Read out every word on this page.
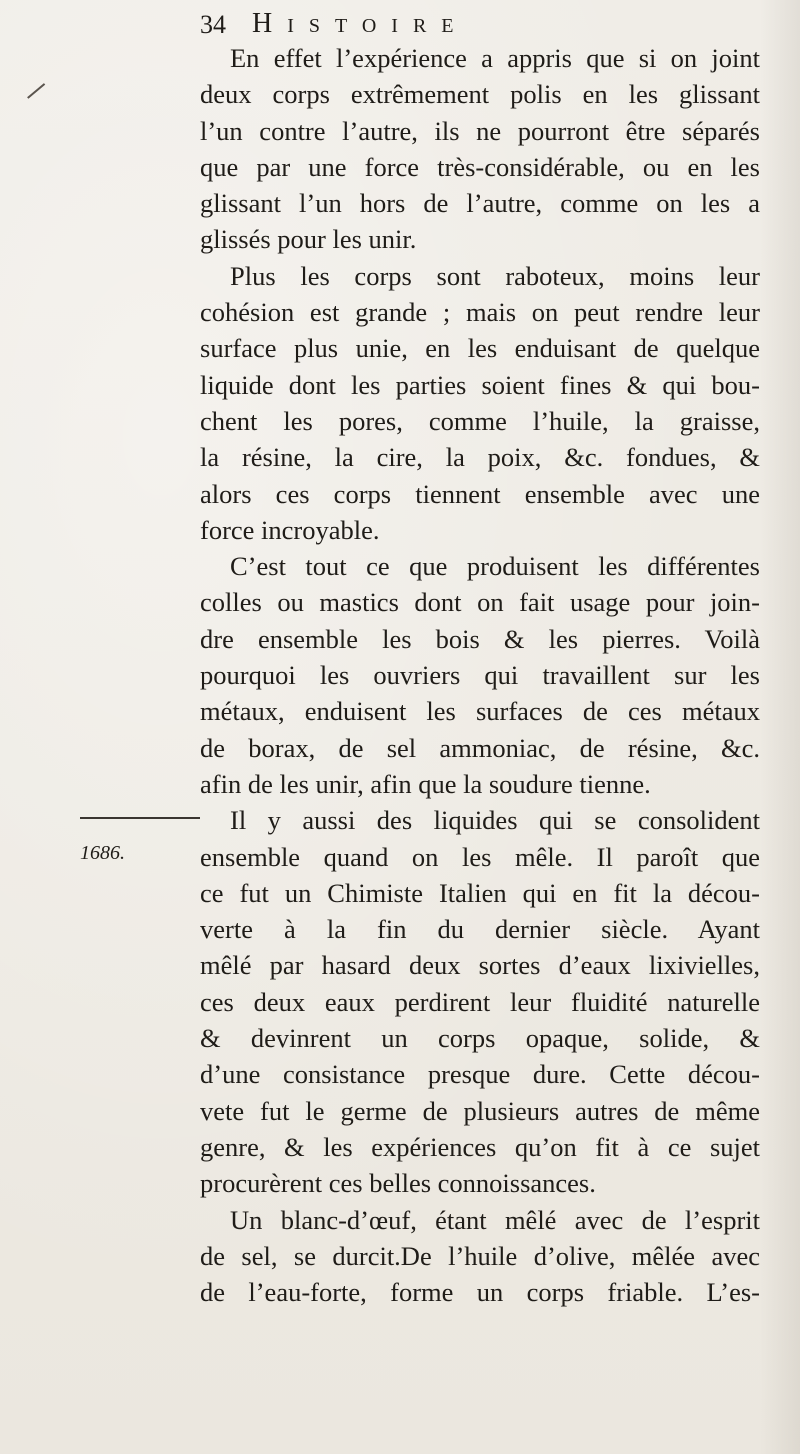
34 Histoire
En effet l’expérience a appris que si on joint
deux corps extrêmement polis en les glissant
l’un contre l’autre, ils ne pourront être séparés
que par une force très-considérable, ou en les
glissant l’un hors de l’autre, comme on les a
glissés pour les unir.
Plus les corps sont raboteux, moins leur
cohésion est grande ; mais on peut rendre leur
surface plus unie, en les enduisant de quelque
liquide dont les parties soient fines & qui bou-
chent les pores, comme l’huile, la graisse,
la résine, la cire, la poix, &c. fondues, &
alors ces corps tiennent ensemble avec une
force incroyable.
C’est tout ce que produisent les différentes
colles ou mastics dont on fait usage pour join-
dre ensemble les bois & les pierres. Voilà
pourquoi les ouvriers qui travaillent sur les
métaux, enduisent les surfaces de ces métaux
de borax, de sel ammoniac, de résine, &c.
afin de les unir, afin que la soudure tienne.
Il y aussi des liquides qui se consolident
ensemble quand on les mêle. Il paroît que
ce fut un Chimiste Italien qui en fit la décou-
verte à la fin du dernier siècle. Ayant
mêlé par hasard deux sortes d’eaux lixivielles,
ces deux eaux perdirent leur fluidité naturelle
& devinrent un corps opaque, solide, &
d’une consistance presque dure. Cette décou-
vete fut le germe de plusieurs autres de même
genre, & les expériences qu’on fit à ce sujet
procurèrent ces belles connoissances.
Un blanc-d’œuf, étant mêlé avec de l’esprit
de sel, se durcit.De l’huile d’olive, mêlée avec
de l’eau-forte, forme un corps friable. L’es-
1686.
